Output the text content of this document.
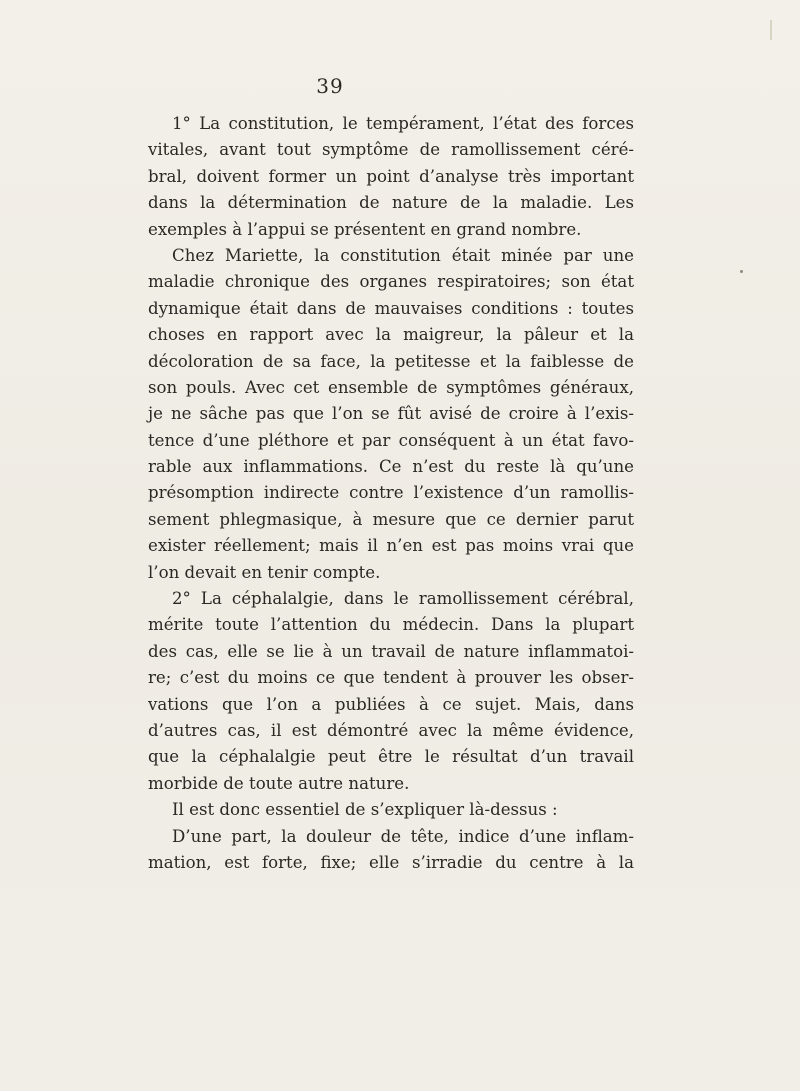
39
1° La constitution, le tempérament, l’état des forces
vitales, avant tout symptôme de ramollissement céré-
bral, doivent former un point d’analyse très important
dans la détermination de nature de la maladie. Les
exemples à l’appui se présentent en grand nombre.
Chez Mariette, la constitution était minée par une
maladie chronique des organes respiratoires; son état
dynamique était dans de mauvaises conditions : toutes
choses en rapport avec la maigreur, la pâleur et la
décoloration de sa face, la petitesse et la faiblesse de
son pouls. Avec cet ensemble de symptômes généraux,
je ne sâche pas que l’on se fût avisé de croire à l’exis-
tence d’une pléthore et par conséquent à un état favo-
rable aux inflammations. Ce n’est du reste là qu’une
présomption indirecte contre l’existence d’un ramollis-
sement phlegmasique, à mesure que ce dernier parut
exister réellement; mais il n’en est pas moins vrai que
l’on devait en tenir compte.
2° La céphalalgie, dans le ramollissement cérébral,
mérite toute l’attention du médecin. Dans la plupart
des cas, elle se lie à un travail de nature inflammatoi-
re; c’est du moins ce que tendent à prouver les obser-
vations que l’on a publiées à ce sujet. Mais, dans
d’autres cas, il est démontré avec la même évidence,
que la céphalalgie peut être le résultat d’un travail
morbide de toute autre nature.
Il est donc essentiel de s’expliquer là-dessus :
D’une part, la douleur de tête, indice d’une inflam-
mation, est forte, fixe; elle s’irradie du centre à la
